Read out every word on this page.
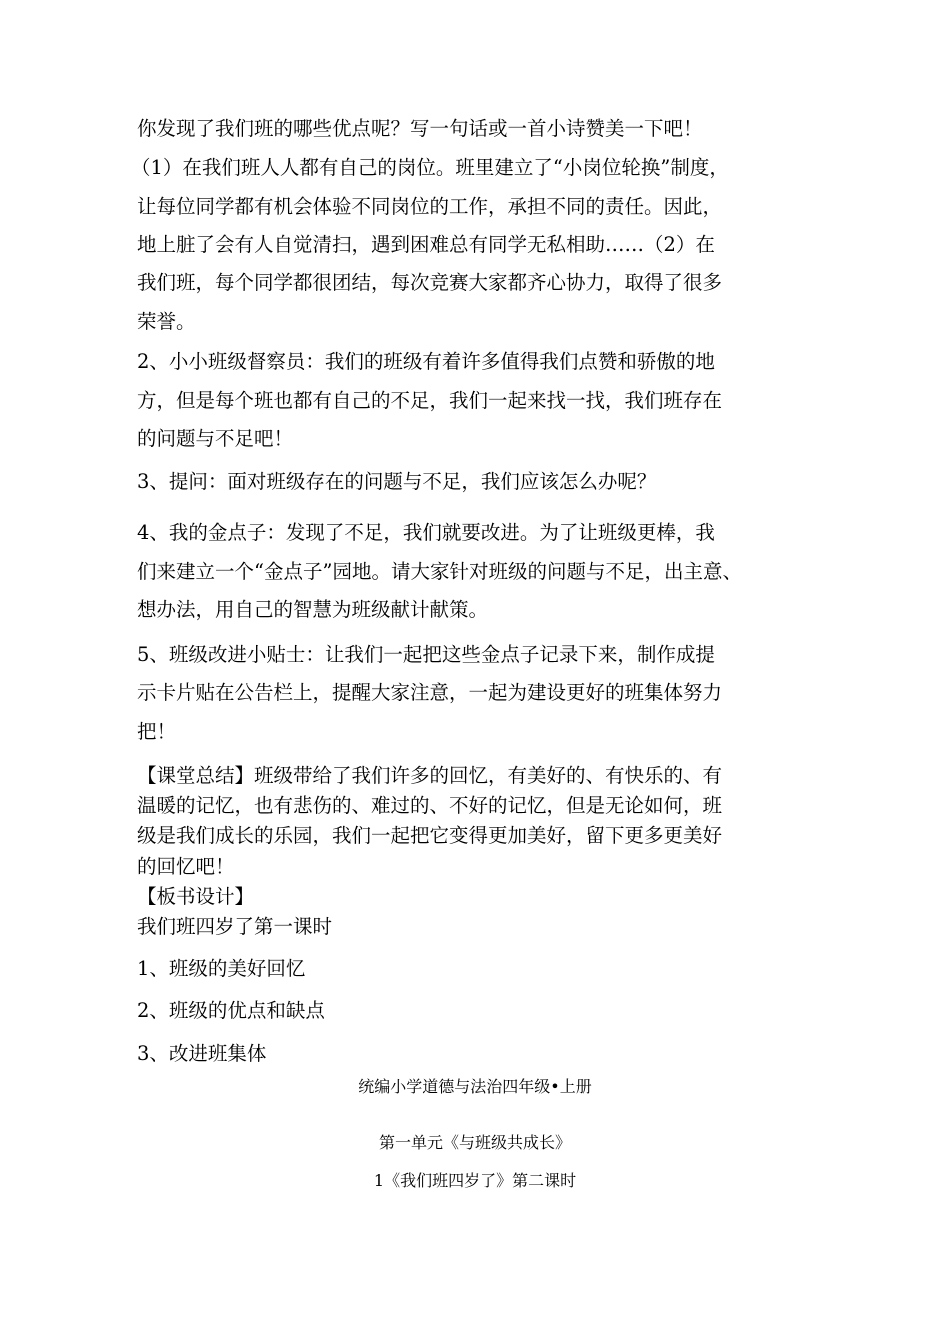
你发现了我们班的哪些优点呢？写一句话或一首小诗赞美一下吧！
（1）在我们班人人都有自己的岗位。班里建立了“小岗位轮换”制度，
让每位同学都有机会体验不同岗位的工作，承担不同的责任。因此，
地上脏了会有人自觉清扫，遇到困难总有同学无私相助……（2）在
我们班，每个同学都很团结，每次竞赛大家都齐心协力，取得了很多
荣誉。
2、小小班级督察员：我们的班级有着许多值得我们点赞和骄傲的地
方，但是每个班也都有自己的不足，我们一起来找一找，我们班存在
的问题与不足吧！
3、提问：面对班级存在的问题与不足，我们应该怎么办呢？
4、我的金点子：发现了不足，我们就要改进。为了让班级更棒，我
们来建立一个“金点子”园地。请大家针对班级的问题与不足，出主意、
想办法，用自己的智慧为班级献计献策。
5、班级改进小贴士：让我们一起把这些金点子记录下来，制作成提
示卡片贴在公告栏上，提醒大家注意，一起为建设更好的班集体努力
把！
【课堂总结】班级带给了我们许多的回忆，有美好的、有快乐的、有
温暖的记忆，也有悲伤的、难过的、不好的记忆，但是无论如何，班
级是我们成长的乐园，我们一起把它变得更加美好，留下更多更美好
的回忆吧！
【板书设计】
我们班四岁了第一课时
1、班级的美好回忆
2、班级的优点和缺点
3、改进班集体
统编小学道德与法治四年级•上册
第一单元《与班级共成长》
1《我们班四岁了》第二课时
